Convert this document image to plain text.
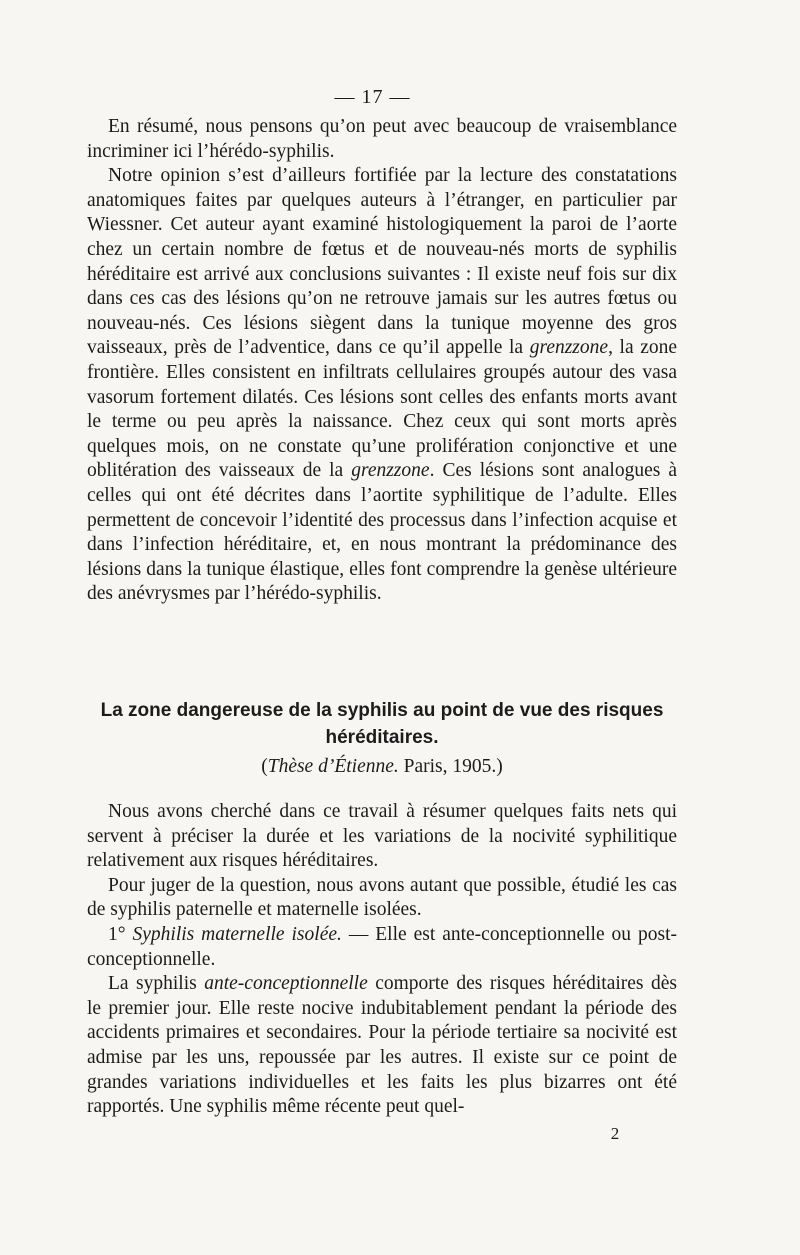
— 17 —

En résumé, nous pensons qu’on peut avec beaucoup de vraisemblance incriminer ici l’hérédo-syphilis.

Notre opinion s’est d’ailleurs fortifiée par la lecture des constatations anatomiques faites par quelques auteurs à l’étranger, en particulier par Wiessner. Cet auteur ayant examiné histologiquement la paroi de l’aorte chez un certain nombre de fœtus et de nouveau-nés morts de syphilis héréditaire est arrivé aux conclusions suivantes : Il existe neuf fois sur dix dans ces cas des lésions qu’on ne retrouve jamais sur les autres fœtus ou nouveau-nés. Ces lésions siègent dans la tunique moyenne des gros vaisseaux, près de l’adventice, dans ce qu’il appelle la grenzzone, la zone frontière. Elles consistent en infiltrats cellulaires groupés autour des vasa vasorum fortement dilatés. Ces lésions sont celles des enfants morts avant le terme ou peu après la naissance. Chez ceux qui sont morts après quelques mois, on ne constate qu’une prolifération conjonctive et une oblitération des vaisseaux de la grenzzone. Ces lésions sont analogues à celles qui ont été décrites dans l’aortite syphilitique de l’adulte. Elles permettent de concevoir l’identité des processus dans l’infection acquise et dans l’infection héréditaire, et, en nous montrant la prédominance des lésions dans la tunique élastique, elles font comprendre la genèse ultérieure des anévrysmes par l’hérédo-syphilis.

La zone dangereuse de la syphilis au point de vue des risques héréditaires.
(Thèse d’Étienne. Paris, 1905.)

Nous avons cherché dans ce travail à résumer quelques faits nets qui servent à préciser la durée et les variations de la nocivité syphilitique relativement aux risques héréditaires.

Pour juger de la question, nous avons autant que possible, étudié les cas de syphilis paternelle et maternelle isolées.

1° Syphilis maternelle isolée. — Elle est ante-conceptionnelle ou post-conceptionnelle.

La syphilis ante-conceptionnelle comporte des risques héréditaires dès le premier jour. Elle reste nocive indubitablement pendant la période des accidents primaires et secondaires. Pour la période tertiaire sa nocivité est admise par les uns, repoussée par les autres. Il existe sur ce point de grandes variations individuelles et les faits les plus bizarres ont été rapportés. Une syphilis même récente peut quel-

2
